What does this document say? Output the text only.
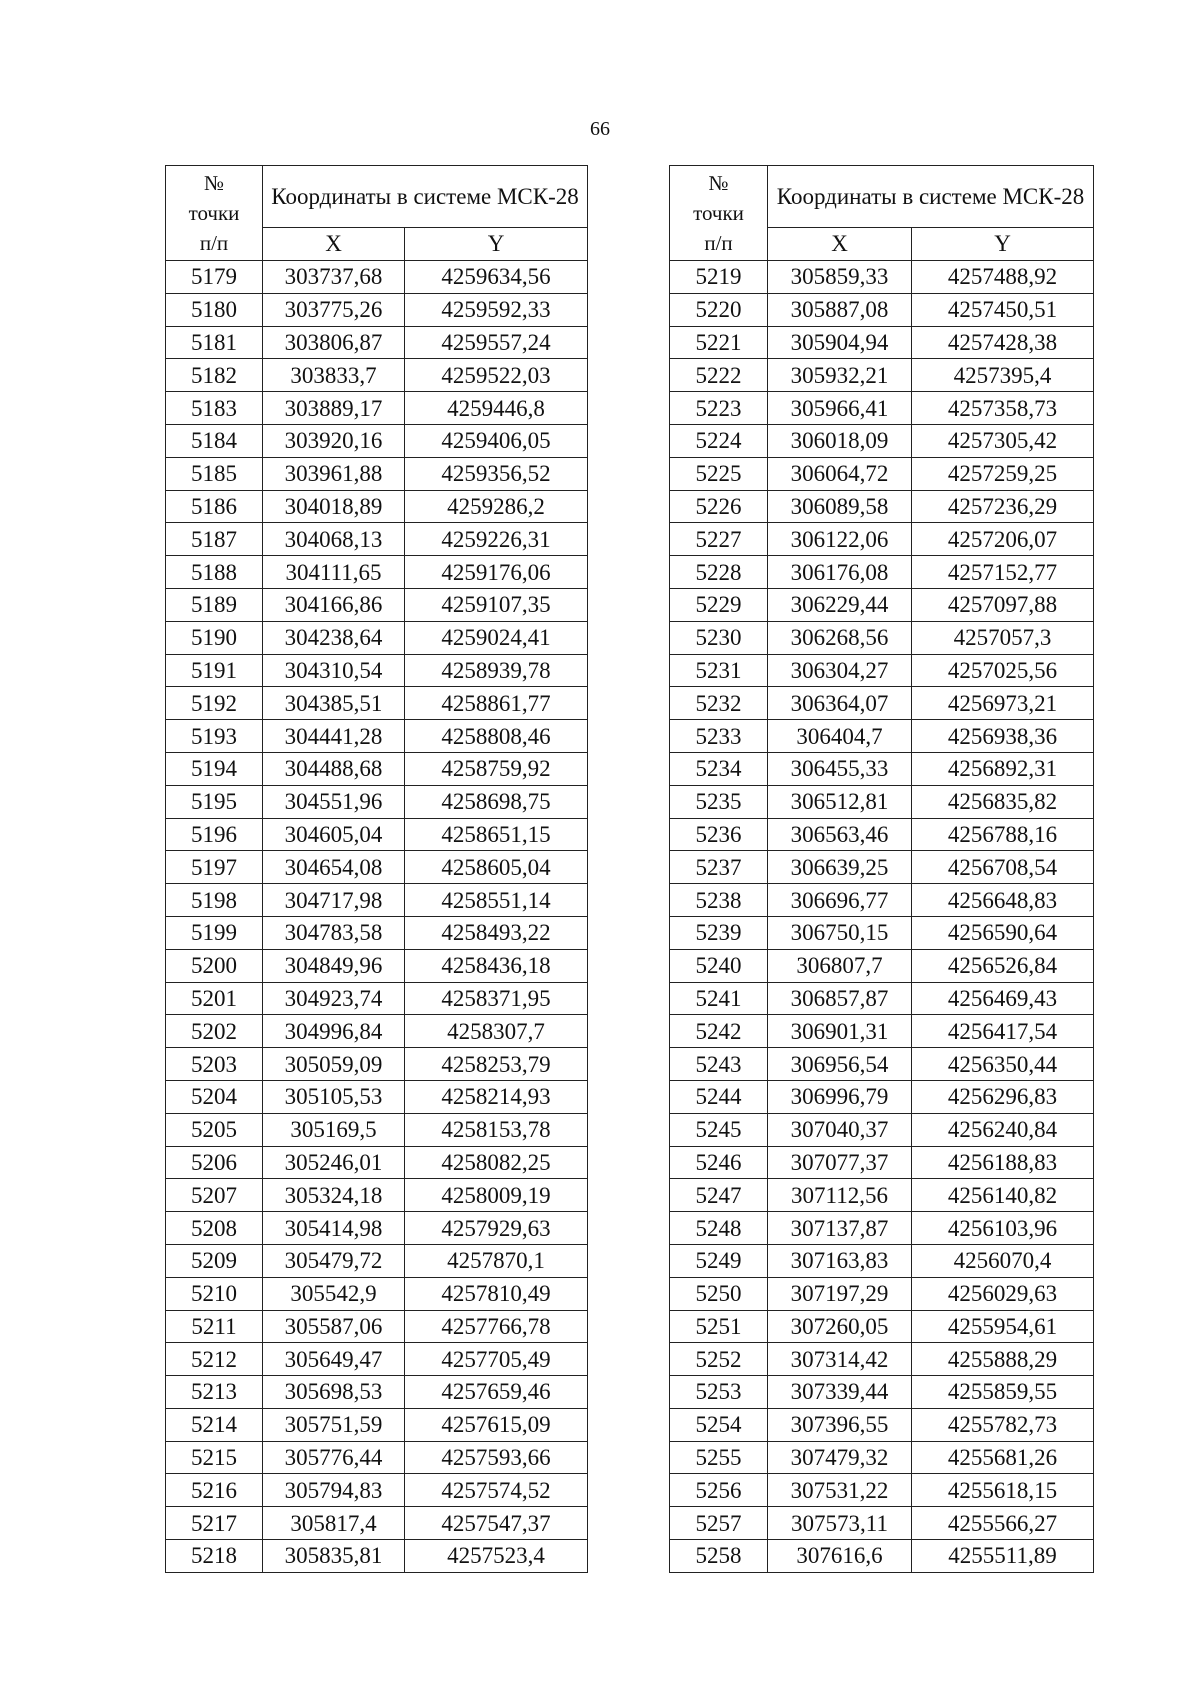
66
№
точки
п/п	Координаты в системе МСК-28	
	X	Y
5179	303737,68	4259634,56
5180	303775,26	4259592,33
5181	303806,87	4259557,24
5182	303833,7	4259522,03
5183	303889,17	4259446,8
5184	303920,16	4259406,05
5185	303961,88	4259356,52
5186	304018,89	4259286,2
5187	304068,13	4259226,31
5188	304111,65	4259176,06
5189	304166,86	4259107,35
5190	304238,64	4259024,41
5191	304310,54	4258939,78
5192	304385,51	4258861,77
5193	304441,28	4258808,46
5194	304488,68	4258759,92
5195	304551,96	4258698,75
5196	304605,04	4258651,15
5197	304654,08	4258605,04
5198	304717,98	4258551,14
5199	304783,58	4258493,22
5200	304849,96	4258436,18
5201	304923,74	4258371,95
5202	304996,84	4258307,7
5203	305059,09	4258253,79
5204	305105,53	4258214,93
5205	305169,5	4258153,78
5206	305246,01	4258082,25
5207	305324,18	4258009,19
5208	305414,98	4257929,63
5209	305479,72	4257870,1
5210	305542,9	4257810,49
5211	305587,06	4257766,78
5212	305649,47	4257705,49
5213	305698,53	4257659,46
5214	305751,59	4257615,09
5215	305776,44	4257593,66
5216	305794,83	4257574,52
5217	305817,4	4257547,37
5218	305835,81	4257523,4
№
точки
п/п	Координаты в системе МСК-28	
	X	Y
5219	305859,33	4257488,92
5220	305887,08	4257450,51
5221	305904,94	4257428,38
5222	305932,21	4257395,4
5223	305966,41	4257358,73
5224	306018,09	4257305,42
5225	306064,72	4257259,25
5226	306089,58	4257236,29
5227	306122,06	4257206,07
5228	306176,08	4257152,77
5229	306229,44	4257097,88
5230	306268,56	4257057,3
5231	306304,27	4257025,56
5232	306364,07	4256973,21
5233	306404,7	4256938,36
5234	306455,33	4256892,31
5235	306512,81	4256835,82
5236	306563,46	4256788,16
5237	306639,25	4256708,54
5238	306696,77	4256648,83
5239	306750,15	4256590,64
5240	306807,7	4256526,84
5241	306857,87	4256469,43
5242	306901,31	4256417,54
5243	306956,54	4256350,44
5244	306996,79	4256296,83
5245	307040,37	4256240,84
5246	307077,37	4256188,83
5247	307112,56	4256140,82
5248	307137,87	4256103,96
5249	307163,83	4256070,4
5250	307197,29	4256029,63
5251	307260,05	4255954,61
5252	307314,42	4255888,29
5253	307339,44	4255859,55
5254	307396,55	4255782,73
5255	307479,32	4255681,26
5256	307531,22	4255618,15
5257	307573,11	4255566,27
5258	307616,6	4255511,89
